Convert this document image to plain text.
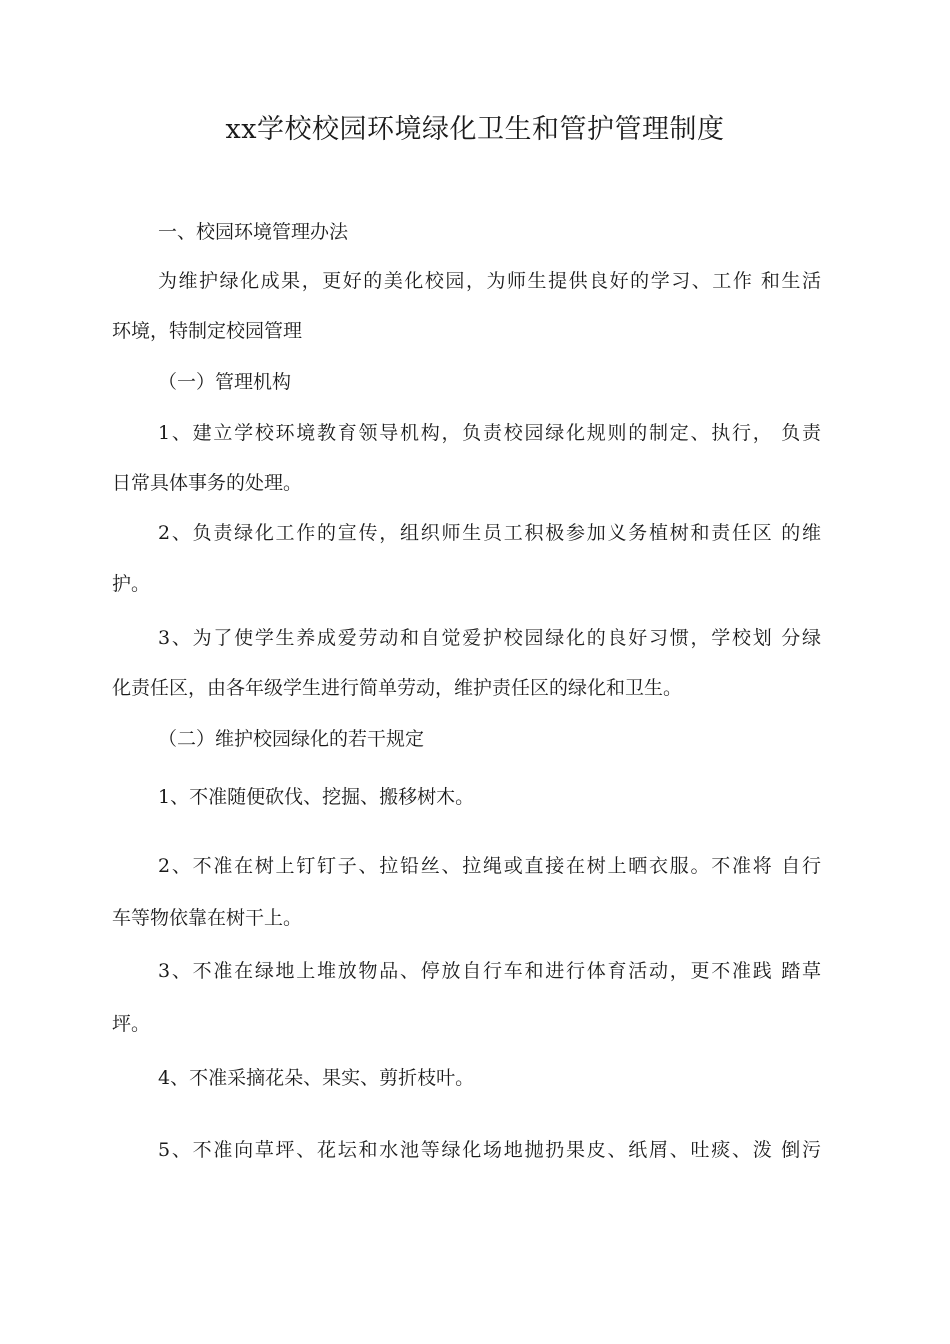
xx学校校园环境绿化卫生和管护管理制度
一、校园环境管理办法
为维护绿化成果，更好的美化校园，为师生提供良好的学习、工作 和生活
环境，特制定校园管理
（一）管理机构
1、建立学校环境教育领导机构，负责校园绿化规则的制定、执行， 负责
日常具体事务的处理。
2、负责绿化工作的宣传，组织师生员工积极参加义务植树和责任区 的维
护。
3、为了使学生养成爱劳动和自觉爱护校园绿化的良好习惯，学校划 分绿
化责任区，由各年级学生进行简单劳动，维护责任区的绿化和卫生。
（二）维护校园绿化的若干规定
1、不准随便砍伐、挖掘、搬移树木。
2、不准在树上钉钉子、拉铅丝、拉绳或直接在树上晒衣服。不准将 自行
车等物依靠在树干上。
3、不准在绿地上堆放物品、停放自行车和进行体育活动，更不准践 踏草
坪。
4、不准采摘花朵、果实、剪折枝叶。
5、不准向草坪、花坛和水池等绿化场地抛扔果皮、纸屑、吐痰、泼 倒污
